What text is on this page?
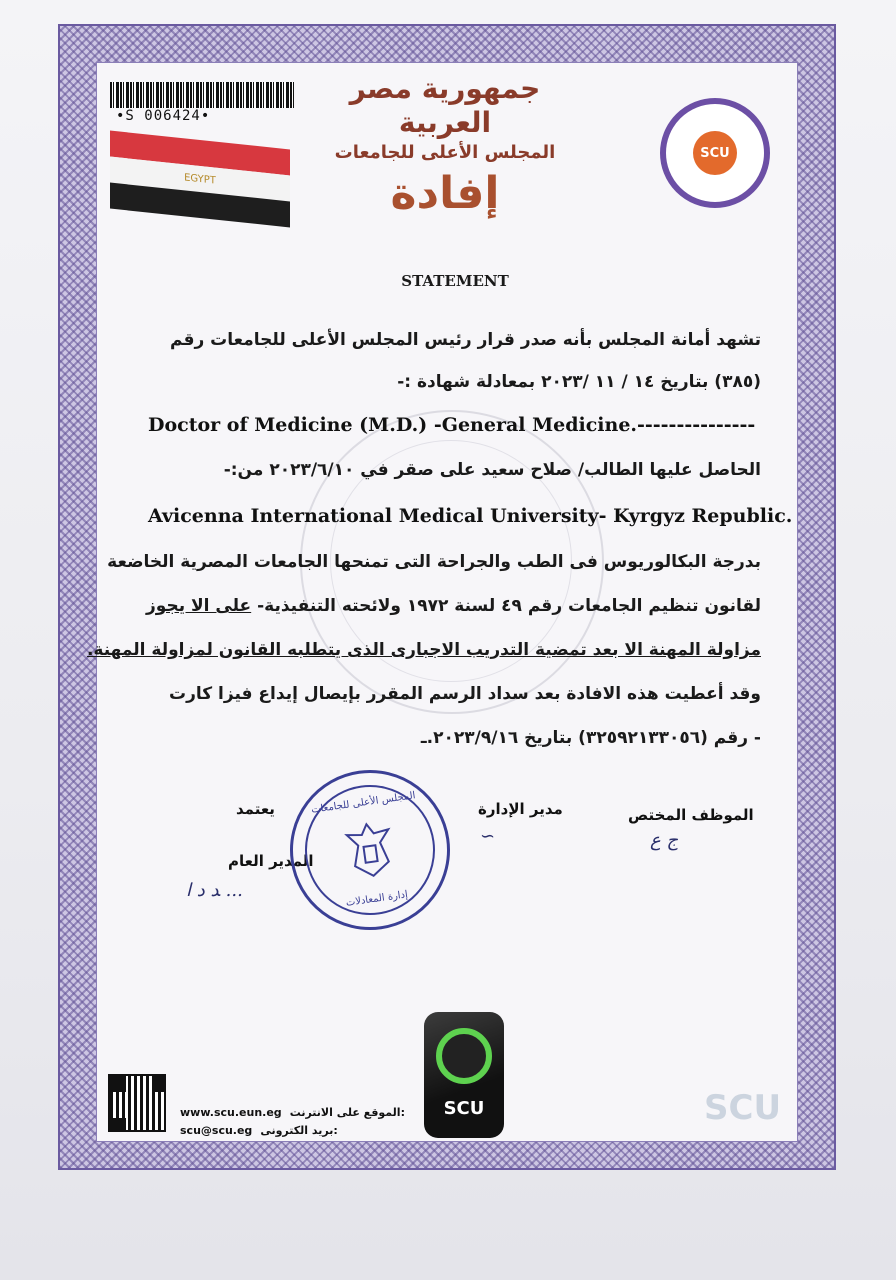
•S 006424•
EGYPT
جمهورية مصر العربية
المجلس الأعلى للجامعات
إفادة
STATEMENT
SCU
تشهد أمانة المجلس بأنه صدر قرار رئيس المجلس الأعلى للجامعات رقم
(٣٨٥) بتاريخ ١٤ / ١١ /٢٠٢٣ بمعادلة شهادة :-
Doctor of Medicine (M.D.) -General Medicine.---------------
الحاصل عليها الطالب/ صلاح سعيد على صقر في ٢٠٢٣/٦/١٠ من:-
Avicenna International Medical University- Kyrgyz Republic.
بدرجة البكالوريوس فى الطب والجراحة التى تمنحها الجامعات المصرية الخاضعة
لقانون تنظيم الجامعات رقم ٤٩ لسنة ١٩٧٢ ولائحته التنفيذية- على الا يجوز
مزاولة المهنة الا بعد تمضية التدريب الاجبارى الذى يتطلبه القانون لمزاولة المهنة.
وقد أعطيت هذه الافادة بعد سداد الرسم المقرر بإيصال إيداع فيزا كارت
- رقم (٣٢٥٩٢١٣٣٠٥٦) بتاريخ ٢٠٢٣/٩/١٦.ـ
الموظف المختص
مدير الإدارة
يعتمد
المدير العام
ج ع
∽
ﺪ ﺩ ﺍ ...
المجلس الأعلى للجامعات
إدارة المعادلات
www.scu.eun.eg الموقع على الانترنت:
scu@scu.eg بريد الكترونى:
SCU	SCU
